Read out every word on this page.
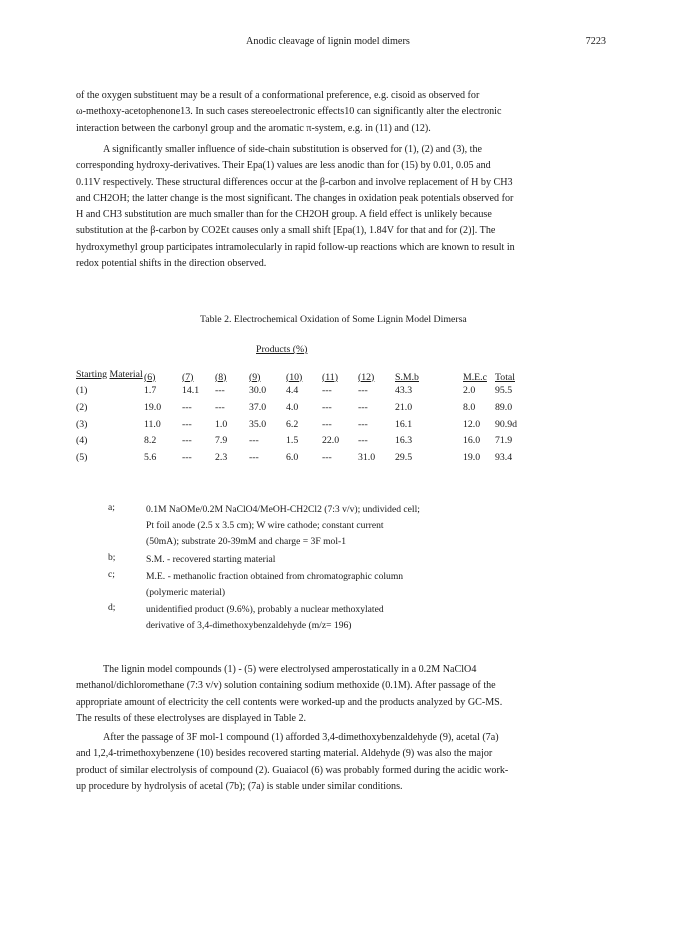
Anodic cleavage of lignin model dimers	7223
of the oxygen substituent may be a result of a conformational preference, e.g. cisoid as observed for
ω-methoxy-acetophenone13. In such cases stereoelectronic effects10 can significantly alter the electronic
interaction between the carbonyl group and the aromatic π-system, e.g. in (11) and (12).
A significantly smaller influence of side-chain substitution is observed for (1), (2) and (3), the
corresponding hydroxy-derivatives. Their Epa(1) values are less anodic than for (15) by 0.01, 0.05 and
0.11V respectively. These structural differences occur at the β-carbon and involve replacement of H by CH3
and CH2OH; the latter change is the most significant. The changes in oxidation peak potentials observed for
H and CH3 substitution are much smaller than for the CH2OH group. A field effect is unlikely because
substitution at the β-carbon by CO2Et causes only a small shift [Epa(1), 1.84V for that and for (2)]. The
hydroxymethyl group participates intramolecularly in rapid follow-up reactions which are known to result in
redox potential shifts in the direction observed.
Table 2. Electrochemical Oxidation of Some Lignin Model Dimersa
Products (%)
Starting Material	(6)	(7)	(8)	(9)	(10)	(11)	(12)	S.M.b	M.E.c	Total
(1)	1.7	14.1	---	30.0	4.4	---	---	43.3	2.0	95.5
(2)	19.0	---	---	37.0	4.0	---	---	21.0	8.0	89.0
(3)	11.0	---	1.0	35.0	6.2	---	---	16.1	12.0	90.9d
(4)	8.2	---	7.9	---	1.5	22.0	---	16.3	16.0	71.9
(5)	5.6	---	2.3	---	6.0	---	31.0	29.5	19.0	93.4
a;	0.1M NaOMe/0.2M NaClO4/MeOH-CH2Cl2 (7:3 v/v); undivided cell;
Pt foil anode (2.5 x 3.5 cm); W wire cathode; constant current
(50mA); substrate 20-39mM and charge = 3F mol-1
b;	S.M. - recovered starting material
c;	M.E. - methanolic fraction obtained from chromatographic column
(polymeric material)
d;	unidentified product (9.6%), probably a nuclear methoxylated
derivative of 3,4-dimethoxybenzaldehyde (m/z= 196)
The lignin model compounds (1) - (5) were electrolysed amperostatically in a 0.2M NaClO4
methanol/dichloromethane (7:3 v/v) solution containing sodium methoxide (0.1M). After passage of the
appropriate amount of electricity the cell contents were worked-up and the products analyzed by GC-MS.
The results of these electrolyses are displayed in Table 2.
After the passage of 3F mol-1 compound (1) afforded 3,4-dimethoxybenzaldehyde (9), acetal (7a)
and 1,2,4-trimethoxybenzene (10) besides recovered starting material. Aldehyde (9) was also the major
product of similar electrolysis of compound (2). Guaiacol (6) was probably formed during the acidic work-
up procedure by hydrolysis of acetal (7b); (7a) is stable under similar conditions.
